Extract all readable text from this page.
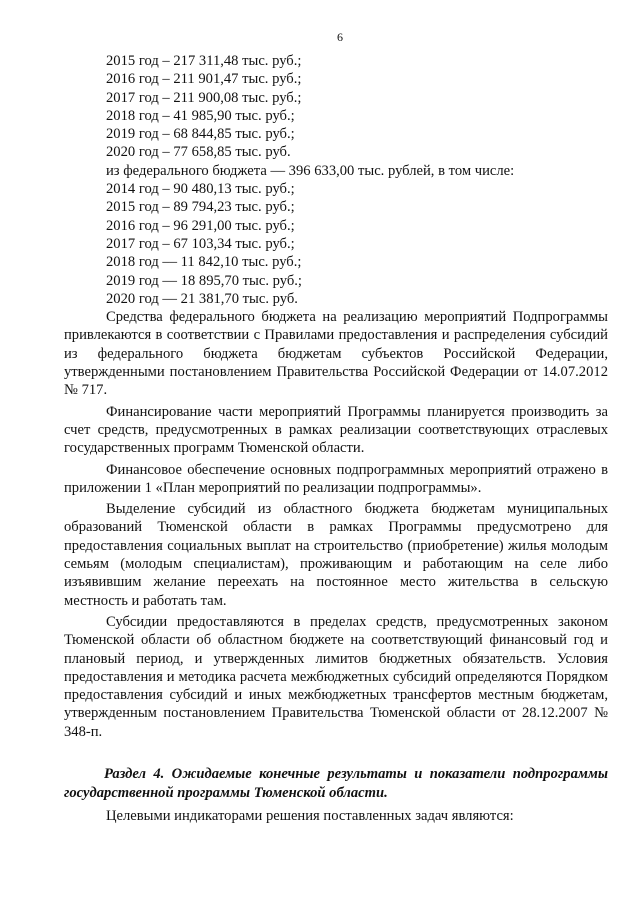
6

2015 год – 217 311,48 тыс. руб.;

2016 год – 211 901,47 тыс. руб.;

2017 год – 211 900,08 тыс. руб.;

2018 год – 41 985,90 тыс. руб.;

2019 год – 68 844,85 тыс. руб.;

2020 год – 77 658,85 тыс. руб.

из федерального бюджета — 396 633,00 тыс. рублей, в том числе:

2014 год – 90 480,13 тыс. руб.;

2015 год – 89 794,23 тыс. руб.;

2016 год – 96 291,00 тыс. руб.;

2017 год – 67 103,34 тыс. руб.;

2018 год –– 11 842,10 тыс. руб.;

2019 год — 18 895,70 тыс. руб.;

2020 год — 21 381,70 тыс. руб.

Средства федерального бюджета на реализацию мероприятий Подпрограммы привлекаются в соответствии с Правилами предоставления и распределения субсидий из федерального бюджета бюджетам субъектов Российской Федерации, утвержденными постановлением Правительства Российской Федерации от 14.07.2012 № 717.

Финансирование части мероприятий Программы планируется производить за счет средств, предусмотренных в рамках реализации соответствующих отраслевых государственных программ Тюменской области.

Финансовое обеспечение основных подпрограммных мероприятий отражено в приложении 1 «План мероприятий по реализации подпрограммы».

Выделение субсидий из областного бюджета бюджетам муниципальных образований Тюменской области в рамках Программы предусмотрено для предоставления социальных выплат на строительство (приобретение) жилья молодым семьям (молодым специалистам), проживающим и работающим на селе либо изъявившим желание переехать на постоянное место жительства в сельскую местность и работать там.

Субсидии предоставляются в пределах средств, предусмотренных законом Тюменской области об областном бюджете на соответствующий финансовый год и плановый период, и утвержденных лимитов бюджетных обязательств. Условия предоставления и методика расчета межбюджетных субсидий определяются Порядком предоставления субсидий и иных межбюджетных трансфертов местным бюджетам, утвержденным постановлением Правительства Тюменской области от 28.12.2007 № 348-п.

Раздел 4. Ожидаемые конечные результаты и показатели подпрограммы государственной программы Тюменской области.

Целевыми индикаторами решения поставленных задач являются:
